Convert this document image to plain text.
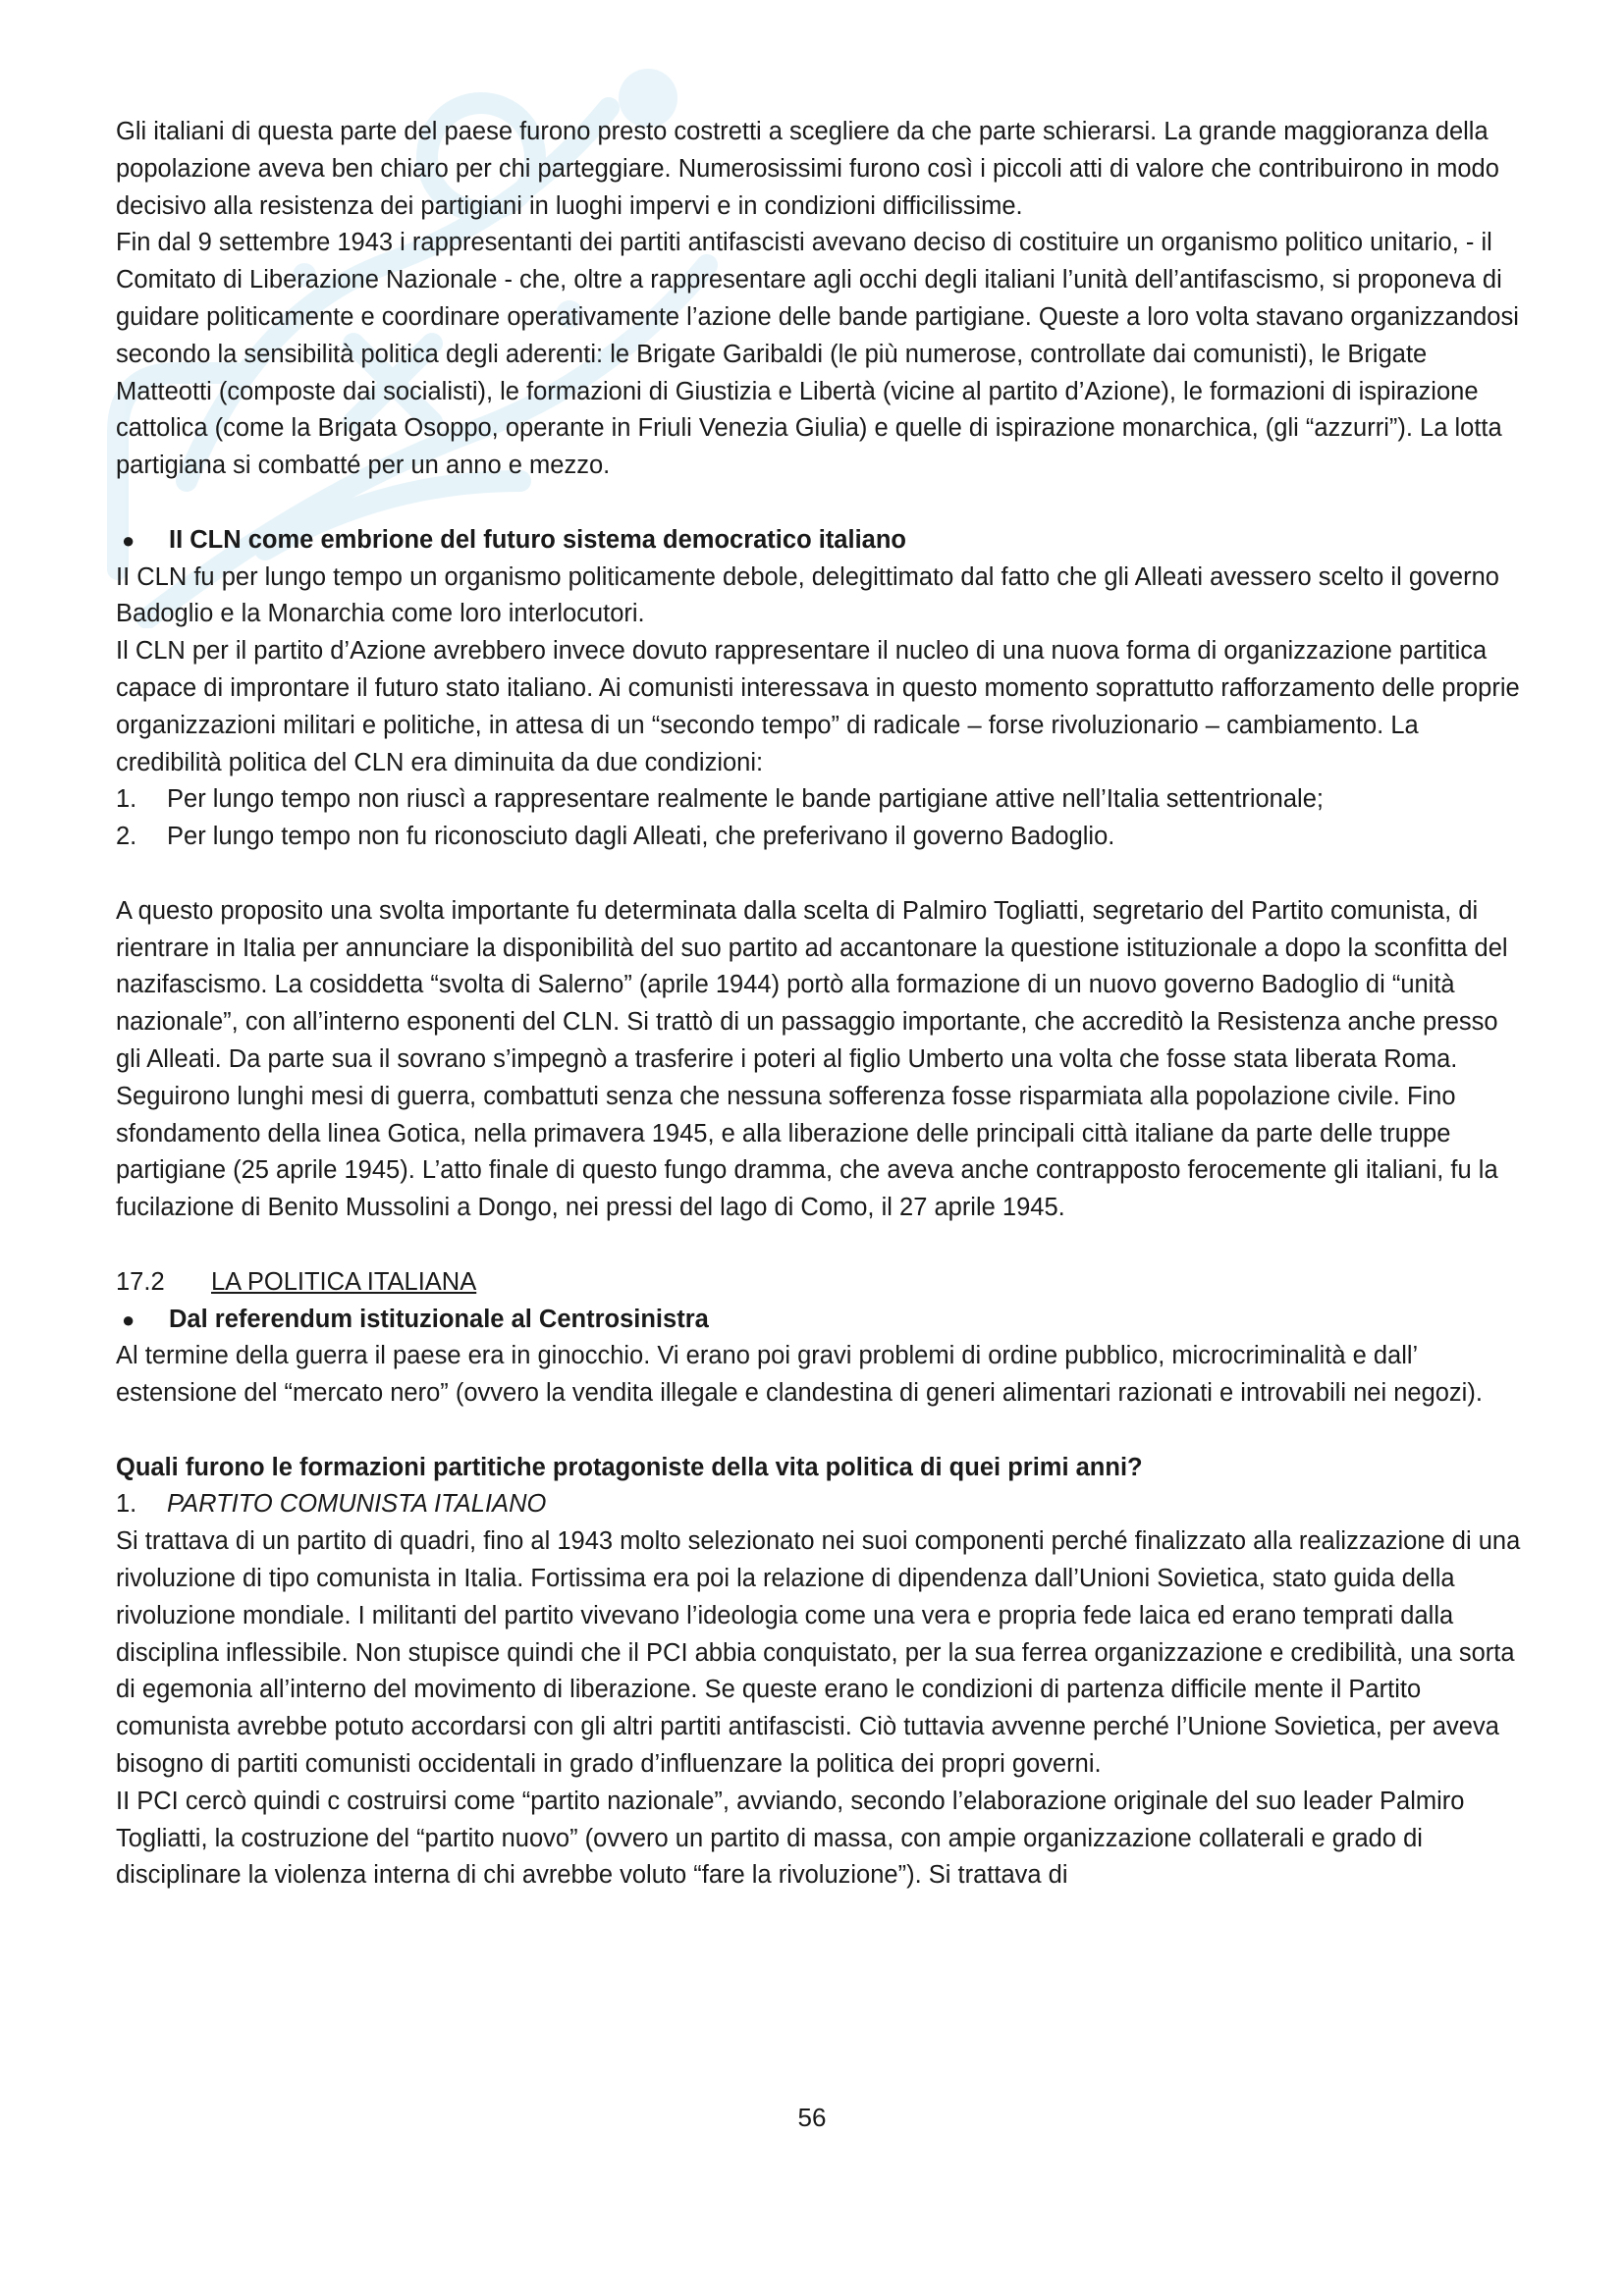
Gli italiani di questa parte del paese furono presto costretti a scegliere da che parte schierarsi. La grande maggioranza della popolazione aveva ben chiaro per chi parteggiare. Numerosissimi furono così i piccoli atti di valore che contribuirono in modo decisivo alla resistenza dei partigiani in luoghi impervi e in condizioni difficilissime.

Fin dal 9 settembre 1943 i rappresentanti dei partiti antifascisti avevano deciso di costituire un organismo politico unitario, - il Comitato di Liberazione Nazionale - che, oltre a rappresentare agli occhi degli italiani l’unità dell’antifascismo, si proponeva di guidare politicamente e coordinare operativamente l’azione delle bande partigiane. Queste a loro volta stavano organizzandosi secondo la sensibilità politica degli aderenti: le Brigate Garibaldi (le più numerose, controllate dai comunisti), le Brigate Matteotti (composte dai socialisti), le formazioni di Giustizia e Libertà (vicine al partito d’Azione), le formazioni di ispirazione cattolica (come la Brigata Osoppo, operante in Friuli Venezia Giulia) e quelle di ispirazione monarchica, (gli “azzurri”). La lotta partigiana si combatté per un anno e mezzo.

●	II CLN come embrione del futuro sistema democratico italiano

II CLN fu per lungo tempo un organismo politicamente debole, delegittimato dal fatto che gli Alleati avessero scelto il governo Badoglio e la Monarchia come loro interlocutori.

Il CLN per il partito d’Azione avrebbero invece dovuto rappresentare il nucleo di una nuova forma di organizzazione partitica capace di improntare il futuro stato italiano. Ai comunisti interessava in questo momento soprattutto rafforzamento delle proprie organizzazioni militari e politiche, in attesa di un “secondo tempo” di radicale – forse rivoluzionario – cambiamento. La credibilità politica del CLN era diminuita da due condizioni:

1.	Per lungo tempo non riuscì a rappresentare realmente le bande partigiane attive nell’Italia settentrionale;
2.	Per lungo tempo non fu riconosciuto dagli Alleati, che preferivano il governo Badoglio.

A questo proposito una svolta importante fu determinata dalla scelta di Palmiro Togliatti, segretario del Partito comunista, di rientrare in Italia per annunciare la disponibilità del suo partito ad accantonare la questione istituzionale a dopo la sconfitta del nazifascismo. La cosiddetta “svolta di Salerno” (aprile 1944) portò alla formazione di un nuovo governo Badoglio di “unità nazionale”, con all’interno esponenti del CLN. Si trattò di un passaggio importante, che accreditò la Resistenza anche presso gli Alleati. Da parte sua il sovrano s’impegnò a trasferire i poteri al figlio Umberto una volta che fosse stata liberata Roma. Seguirono lunghi mesi di guerra, combattuti senza che nessuna sofferenza fosse risparmiata alla popolazione civile. Fino sfondamento della linea Gotica, nella primavera 1945, e alla liberazione delle principali città italiane da parte delle truppe partigiane (25 aprile 1945). L’atto finale di questo fungo dramma, che aveva anche contrapposto ferocemente gli italiani, fu la fucilazione di Benito Mussolini a Dongo, nei pressi del lago di Como, il 27 aprile 1945.

17.2	LA POLITICA ITALIANA
●	Dal referendum istituzionale al Centrosinistra

Al termine della guerra il paese era in ginocchio. Vi erano poi gravi problemi di ordine pubblico, microcriminalità e dall’ estensione del “mercato nero” (ovvero la vendita illegale e clandestina di generi alimentari razionati e introvabili nei negozi).

Quali furono le formazioni partitiche protagoniste della vita politica di quei primi anni?

1.	PARTITO COMUNISTA ITALIANO

Si trattava di un partito di quadri, fino al 1943 molto selezionato nei suoi componenti perché finalizzato alla realizzazione di una rivoluzione di tipo comunista in Italia. Fortissima era poi la relazione di dipendenza dall’Unioni Sovietica, stato guida della rivoluzione mondiale. I militanti del partito vivevano l’ideologia come una vera e propria fede laica ed erano temprati dalla disciplina inflessibile. Non stupisce quindi che il PCI abbia conquistato, per la sua ferrea organizzazione e credibilità, una sorta di egemonia all’interno del movimento di liberazione. Se queste erano le condizioni di partenza difficile mente il Partito comunista avrebbe potuto accordarsi con gli altri partiti antifascisti. Ciò tuttavia avvenne perché l’Unione Sovietica, per aveva bisogno di partiti comunisti occidentali in grado d’influenzare la politica dei propri governi.

II PCI cercò quindi c costruirsi come “partito nazionale”, avviando, secondo l’elaborazione originale del suo leader Palmiro Togliatti, la costruzione del “partito nuovo” (ovvero un partito di massa, con ampie organizzazione collaterali e grado di disciplinare la violenza interna di chi avrebbe voluto “fare la rivoluzione”). Si trattava di

56
